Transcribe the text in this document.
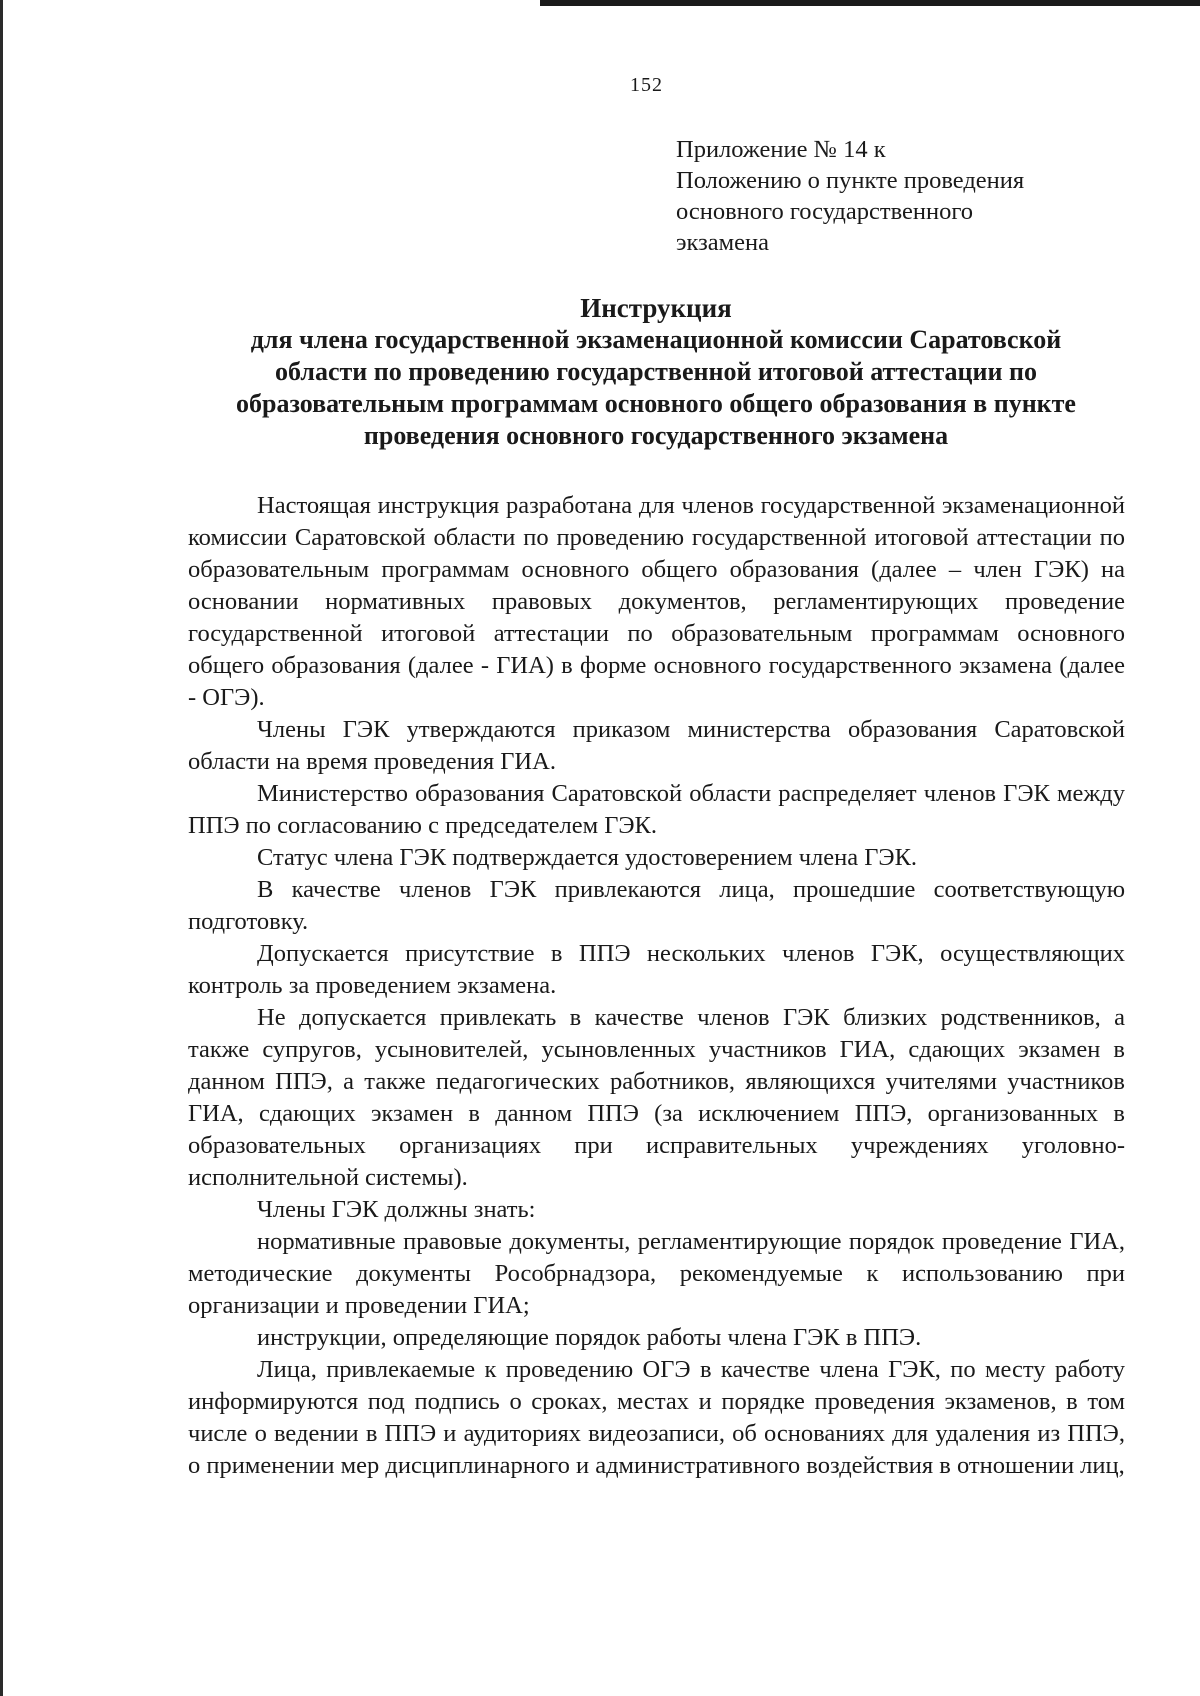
152
Приложение № 14 к
Положению о пункте проведения
основного государственного
экзамена
Инструкция
для члена государственной экзаменационной комиссии Саратовской
области по проведению государственной итоговой аттестации по
образовательным программам основного общего образования в пункте
проведения основного государственного экзамена

Настоящая инструкция разработана для членов государственной экзаменационной комиссии Саратовской области по проведению государственной итоговой аттестации по образовательным программам основного общего образования (далее – член ГЭК) на основании нормативных правовых документов, регламентирующих проведение государственной итоговой аттестации по образовательным программам основного общего образования (далее - ГИА) в форме основного государственного экзамена (далее - ОГЭ).

Члены ГЭК утверждаются приказом министерства образования Саратовской области на время проведения ГИА.

Министерство образования Саратовской области распределяет членов ГЭК между ППЭ по согласованию с председателем ГЭК.

Статус члена ГЭК подтверждается удостоверением члена ГЭК.

В качестве членов ГЭК привлекаются лица, прошедшие соответствующую подготовку.

Допускается присутствие в ППЭ нескольких членов ГЭК, осуществляющих контроль за проведением экзамена.

Не допускается привлекать в качестве членов ГЭК близких родственников, а также супругов, усыновителей, усыновленных участников ГИА, сдающих экзамен в данном ППЭ, а также педагогических работников, являющихся учителями участников ГИА, сдающих экзамен в данном ППЭ (за исключением ППЭ, организованных в образовательных организациях при исправительных учреждениях уголовно-исполнительной системы).

Члены ГЭК должны знать:

нормативные правовые документы, регламентирующие порядок проведение ГИА, методические документы Рособрнадзора, рекомендуемые к использованию при организации и проведении ГИА;

инструкции, определяющие порядок работы члена ГЭК в ППЭ.

Лица, привлекаемые к проведению ОГЭ в качестве члена ГЭК, по месту работу информируются под подпись о сроках, местах и порядке проведения экзаменов, в том числе о ведении в ППЭ и аудиториях видеозаписи, об основаниях для удаления из ППЭ, о применении мер дисциплинарного и административного воздействия в отношении лиц,
